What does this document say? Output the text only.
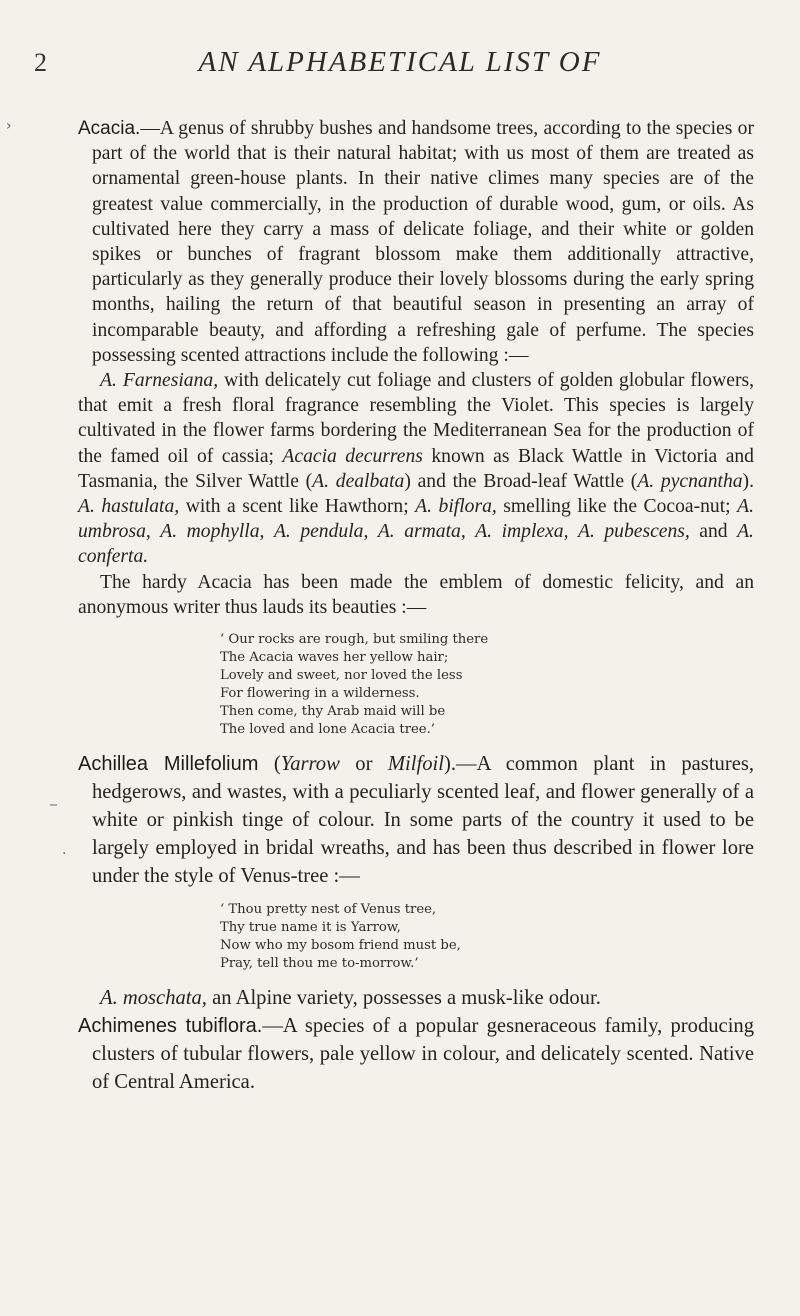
2	AN ALPHABETICAL LIST OF
›
_
·

Acacia.—A genus of shrubby bushes and handsome trees, according to the species or part of the world that is their natural habitat; with us most of them are treated as ornamental green-house plants. In their native climes many species are of the greatest value commercially, in the production of durable wood, gum, or oils. As cultivated here they carry a mass of delicate foliage, and their white or golden spikes or bunches of fragrant blossom make them additionally attractive, particularly as they generally produce their lovely blossoms during the early spring months, hailing the return of that beautiful season in presenting an array of incomparable beauty, and affording a refreshing gale of perfume. The species possessing scented attractions include the following :—

A. Farnesiana, with delicately cut foliage and clusters of golden globular flowers, that emit a fresh floral fragrance resembling the Violet. This species is largely cultivated in the flower farms bordering the Mediterranean Sea for the production of the famed oil of cassia; Acacia decurrens known as Black Wattle in Victoria and Tasmania, the Silver Wattle (A. dealbata) and the Broad-leaf Wattle (A. pycnantha). A. hastulata, with a scent like Hawthorn; A. biflora, smelling like the Cocoa-nut; A. umbrosa, A. mophylla, A. pendula, A. armata, A. implexa, A. pubescens, and A. conferta.

The hardy Acacia has been made the emblem of domestic felicity, and an anonymous writer thus lauds its beauties :—

‘ Our rocks are rough, but smiling there
The Acacia waves her yellow hair;
Lovely and sweet, nor loved the less
For flowering in a wilderness.
Then come, thy Arab maid will be
The loved and lone Acacia tree.’

Achillea Millefolium (Yarrow or Milfoil).—A common plant in pastures, hedgerows, and wastes, with a peculiarly scented leaf, and flower generally of a white or pinkish tinge of colour. In some parts of the country it used to be largely employed in bridal wreaths, and has been thus described in flower lore under the style of Venus-tree :—

‘ Thou pretty nest of Venus tree,
Thy true name it is Yarrow,
Now who my bosom friend must be,
Pray, tell thou me to-morrow.’

A. moschata, an Alpine variety, possesses a musk-like odour.

Achimenes tubiflora.—A species of a popular gesneraceous family, producing clusters of tubular flowers, pale yellow in colour, and delicately scented. Native of Central America.
